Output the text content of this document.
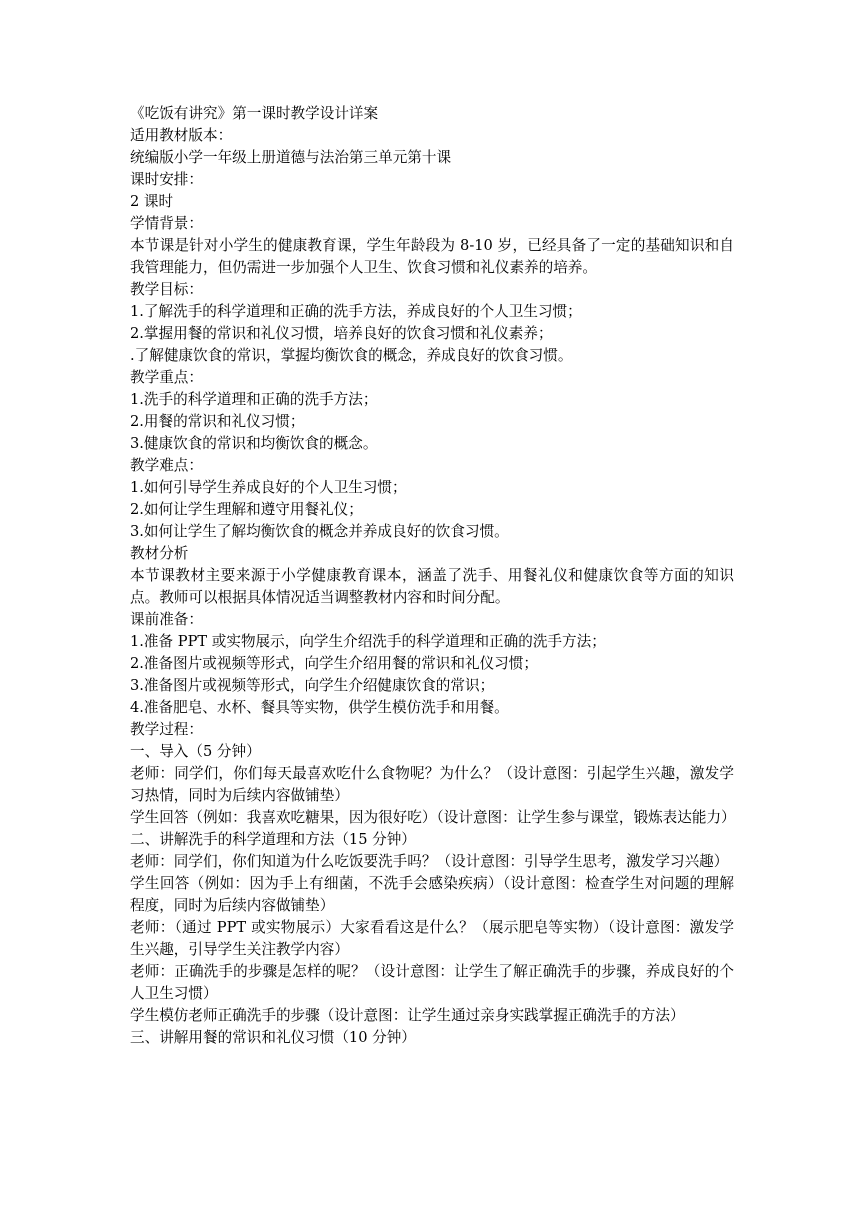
《吃饭有讲究》第一课时教学设计详案

适用教材版本：

统编版小学一年级上册道德与法治第三单元第十课

课时安排：

2 课时

学情背景：

本节课是针对小学生的健康教育课，学生年龄段为 8-10 岁，已经具备了一定的基础知识和自我管理能力，但仍需进一步加强个人卫生、饮食习惯和礼仪素养的培养。

教学目标：

1.了解洗手的科学道理和正确的洗手方法，养成良好的个人卫生习惯；

2.掌握用餐的常识和礼仪习惯，培养良好的饮食习惯和礼仪素养；

.了解健康饮食的常识，掌握均衡饮食的概念，养成良好的饮食习惯。

教学重点：

1.洗手的科学道理和正确的洗手方法；

2.用餐的常识和礼仪习惯；

3.健康饮食的常识和均衡饮食的概念。

教学难点：

1.如何引导学生养成良好的个人卫生习惯；

2.如何让学生理解和遵守用餐礼仪；

3.如何让学生了解均衡饮食的概念并养成良好的饮食习惯。

教材分析

本节课教材主要来源于小学健康教育课本，涵盖了洗手、用餐礼仪和健康饮食等方面的知识点。教师可以根据具体情况适当调整教材内容和时间分配。

课前准备：

1.准备 PPT 或实物展示，向学生介绍洗手的科学道理和正确的洗手方法；

2.准备图片或视频等形式，向学生介绍用餐的常识和礼仪习惯；

3.准备图片或视频等形式，向学生介绍健康饮食的常识；

4.准备肥皂、水杯、餐具等实物，供学生模仿洗手和用餐。

教学过程：

一、导入（5 分钟）

老师：同学们，你们每天最喜欢吃什么食物呢？为什么？（设计意图：引起学生兴趣，激发学习热情，同时为后续内容做铺垫）

学生回答（例如：我喜欢吃糖果，因为很好吃）（设计意图：让学生参与课堂，锻炼表达能力）

二、讲解洗手的科学道理和方法（15 分钟）

老师：同学们，你们知道为什么吃饭要洗手吗？（设计意图：引导学生思考，激发学习兴趣）

学生回答（例如：因为手上有细菌，不洗手会感染疾病）（设计意图：检查学生对问题的理解程度，同时为后续内容做铺垫）

老师：（通过 PPT 或实物展示）大家看看这是什么？（展示肥皂等实物）（设计意图：激发学生兴趣，引导学生关注教学内容）

老师：正确洗手的步骤是怎样的呢？（设计意图：让学生了解正确洗手的步骤，养成良好的个人卫生习惯）

学生模仿老师正确洗手的步骤（设计意图：让学生通过亲身实践掌握正确洗手的方法）

三、讲解用餐的常识和礼仪习惯（10 分钟）
